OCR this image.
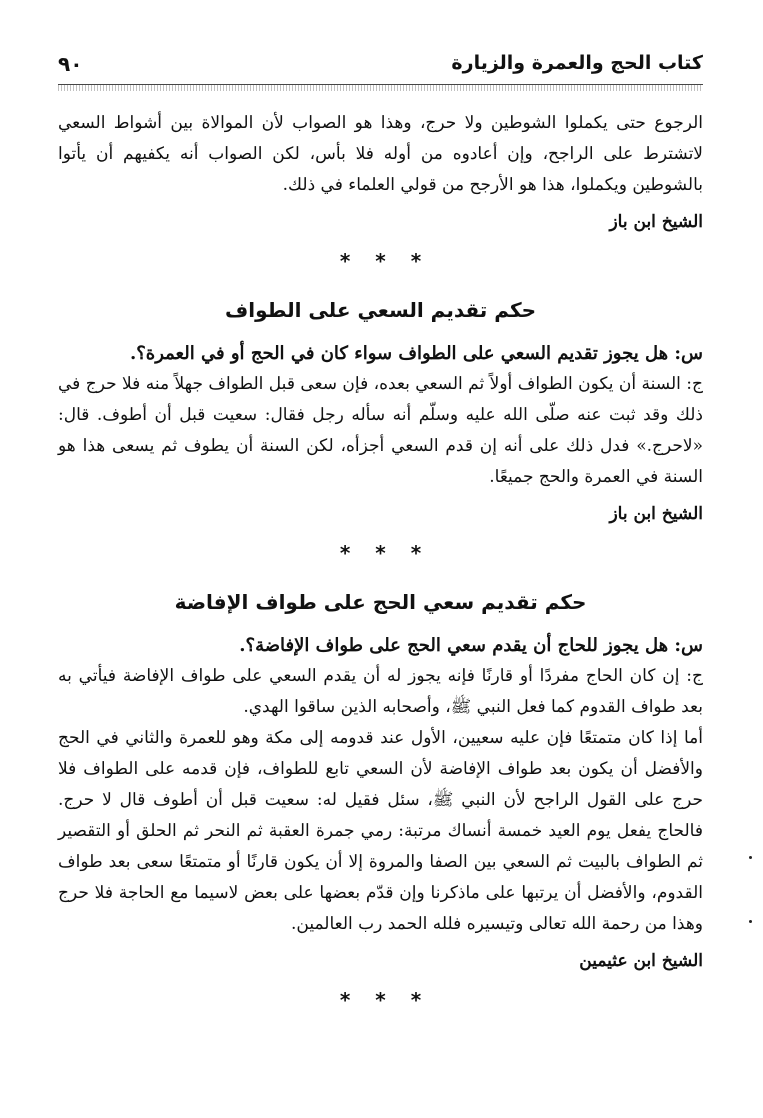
كتاب الحج والعمرة والزيارة
٩٠

الرجوع حتى يكملوا الشوطين ولا حرج، وهذا هو الصواب لأن الموالاة بين أشواط السعي لاتشترط على الراجح، وإن أعادوه من أوله فلا بأس، لكن الصواب أنه يكفيهم أن يأتوا بالشوطين ويكملوا، هذا هو الأرجح من قولي العلماء في ذلك.

الشيخ ابن باز

* * *

حكم تقديم السعي على الطواف

س: هل يجوز تقديم السعي على الطواف سواء كان في الحج أو في العمرة؟.

ج: السنة أن يكون الطواف أولاً ثم السعي بعده، فإن سعى قبل الطواف جهلاً منه فلا حرج في ذلك وقد ثبت عنه صلّى الله عليه وسلّم أنه سأله رجل فقال: سعيت قبل أن أطوف. قال: «لاحرج.» فدل ذلك على أنه إن قدم السعي أجزأه، لكن السنة أن يطوف ثم يسعى هذا هو السنة في العمرة والحج جميعًا.

الشيخ ابن باز

* * *

حكم تقديم سعي الحج على طواف الإفاضة

س: هل يجوز للحاج أن يقدم سعي الحج على طواف الإفاضة؟.

ج: إن كان الحاج مفردًا أو قارنًا فإنه يجوز له أن يقدم السعي على طواف الإفاضة فيأتي به بعد طواف القدوم كما فعل النبي ﷺ، وأصحابه الذين ساقوا الهدي.

أما إذا كان متمتعًا فإن عليه سعيين، الأول عند قدومه إلى مكة وهو للعمرة والثاني في الحج والأفضل أن يكون بعد طواف الإفاضة لأن السعي تابع للطواف، فإن قدمه على الطواف فلا حرج على القول الراجح لأن النبي ﷺ، سئل فقيل له: سعيت قبل أن أطوف قال لا حرج. فالحاج يفعل يوم العيد خمسة أنساك مرتبة: رمي جمرة العقبة ثم النحر ثم الحلق أو التقصير ثم الطواف بالبيت ثم السعي بين الصفا والمروة إلا أن يكون قارنًا أو متمتعًا سعى بعد طواف القدوم، والأفضل أن يرتبها على ماذكرنا وإن قدّم بعضها على بعض لاسيما مع الحاجة فلا حرج وهذا من رحمة الله تعالى وتيسيره فلله الحمد رب العالمين.

الشيخ ابن عثيمين

* * *
